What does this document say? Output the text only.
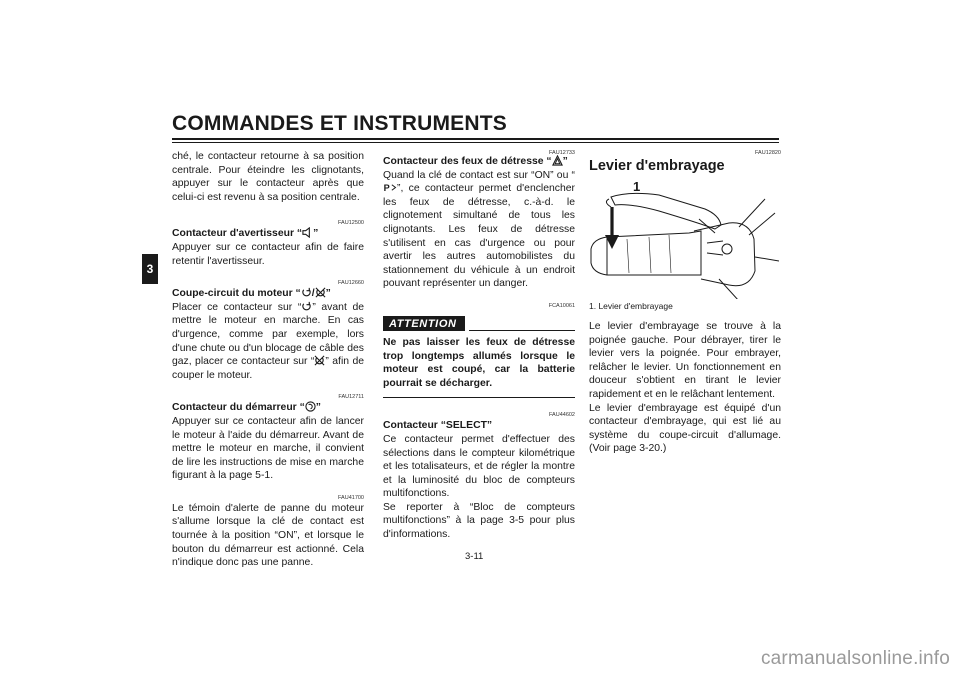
COMMANDES ET INSTRUMENTS
3

ché, le contacteur retourne à sa position centrale. Pour éteindre les clignotants, appuyer sur le contacteur après que celui-ci est revenu à sa position centrale.

FAU12500

Contacteur d'avertisseur “ ”

Appuyer sur ce contacteur afin de faire retentir l'avertisseur.

FAU12660

Coupe-circuit du moteur “ / ”

Placer ce contacteur sur “ ” avant de mettre le moteur en marche. En cas d'urgence, comme par exemple, lors d'une chute ou d'un blocage de câble des gaz, placer ce contacteur sur “ ” afin de couper le moteur.

FAU12711

Contacteur du démarreur “ ”

Appuyer sur ce contacteur afin de lancer le moteur à l'aide du démarreur. Avant de mettre le moteur en marche, il convient de lire les instructions de mise en marche figurant à la page 5-1.

FAU41700

Le témoin d'alerte de panne du moteur s'allume lorsque la clé de contact est tournée à la position “ON”, et lorsque le bouton du démarreur est actionné. Cela n'indique donc pas une panne.

FAU12733

Contacteur des feux de détresse “ ”

Quand la clé de contact est sur “ON” ou “
P ”, ce contacteur permet d'enclencher les feux de détresse, c.-à-d. le clignotement simultané de tous les clignotants. Les feux de détresse s'utilisent en cas d'urgence ou pour avertir les autres automobilistes du stationnement du véhicule à un endroit pouvant représenter un danger.

FCA10061

ATTENTION

Ne pas laisser les feux de détresse trop longtemps allumés lorsque le moteur est coupé, car la batterie pourrait se décharger.

FAU44602

Contacteur “SELECT”

Ce contacteur permet d'effectuer des sélections dans le compteur kilométrique et les totalisateurs, et de régler la montre et la luminosité du bloc de compteurs multifonctions.

Se reporter à “Bloc de compteurs multifonctions” à la page 3-5 pour plus d'informations.

FAU12820

Levier d'embrayage

1

1. Levier d'embrayage

Le levier d'embrayage se trouve à la poignée gauche. Pour débrayer, tirer le levier vers la poignée. Pour embrayer, relâcher le levier. Un fonctionnement en douceur s'obtient en tirant le levier rapidement et en le relâchant lentement.

Le levier d'embrayage est équipé d'un contacteur d'embrayage, qui est lié au système du coupe-circuit d'allumage. (Voir page 3-20.)

3-11
carmanualsonline.info
